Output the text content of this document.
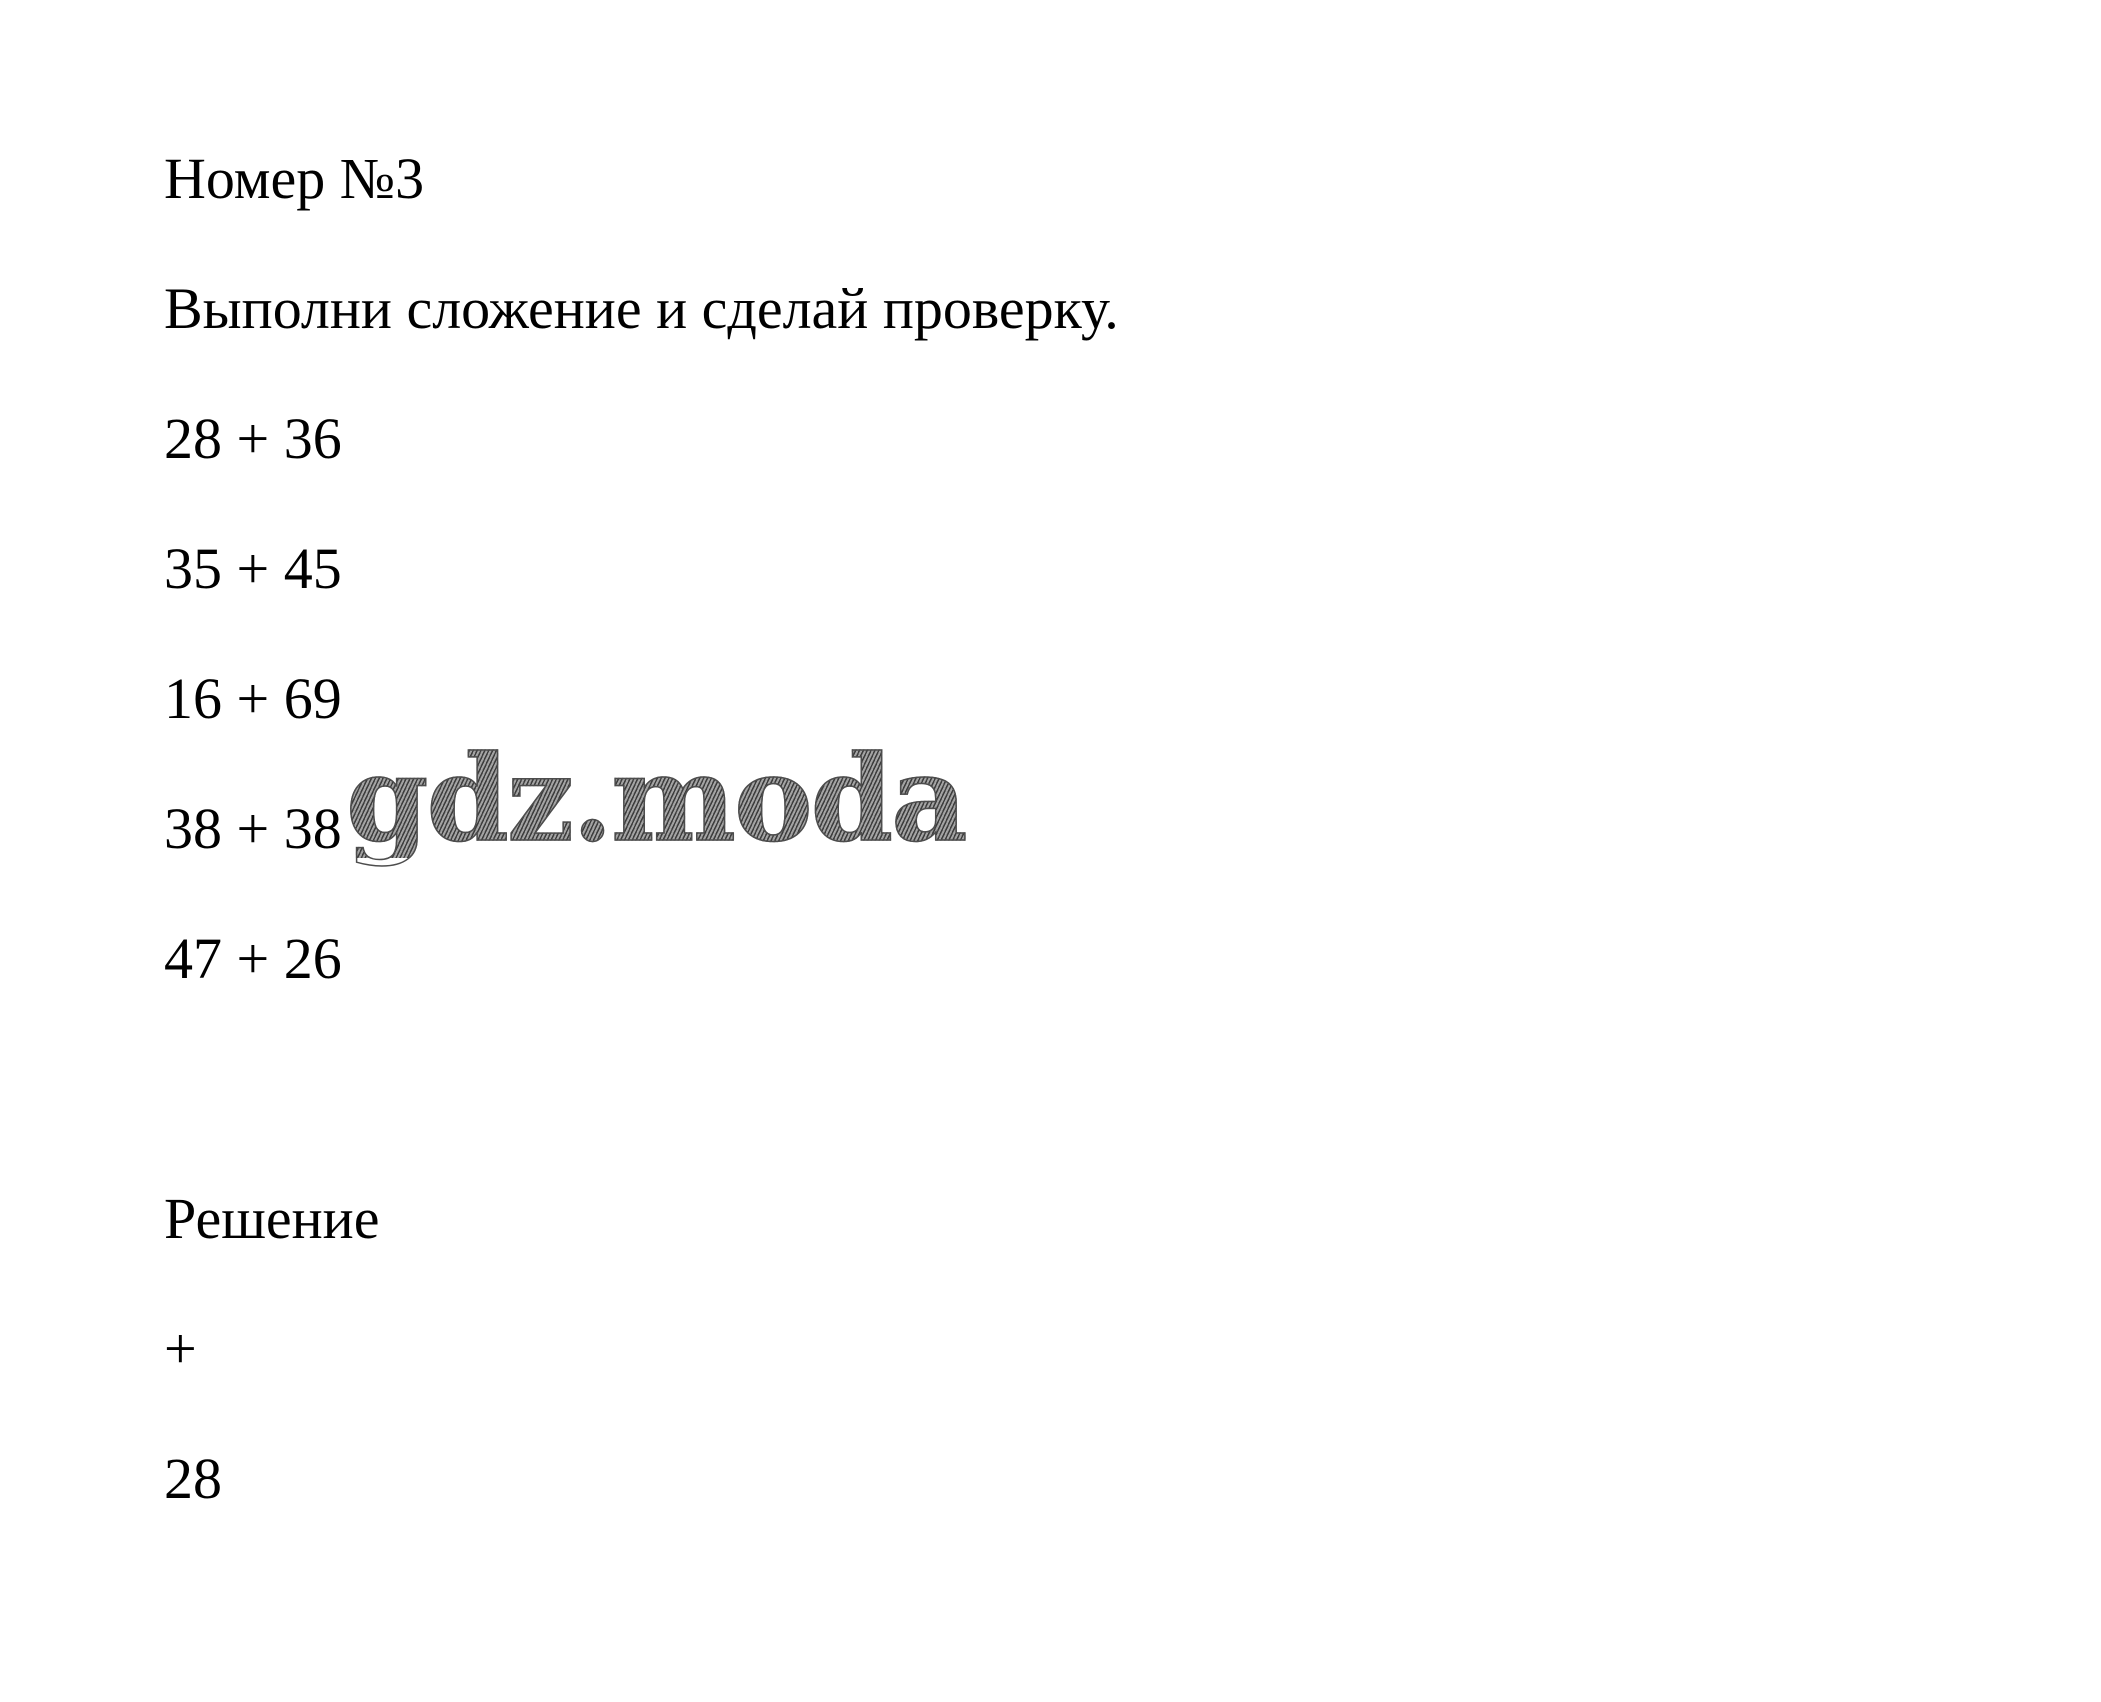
Номер №3
Выполни сложение и сделай проверку.
28 + 36
35 + 45
16 + 69
38 + 38
47 + 26
Решение
+
28
gdz.moda
